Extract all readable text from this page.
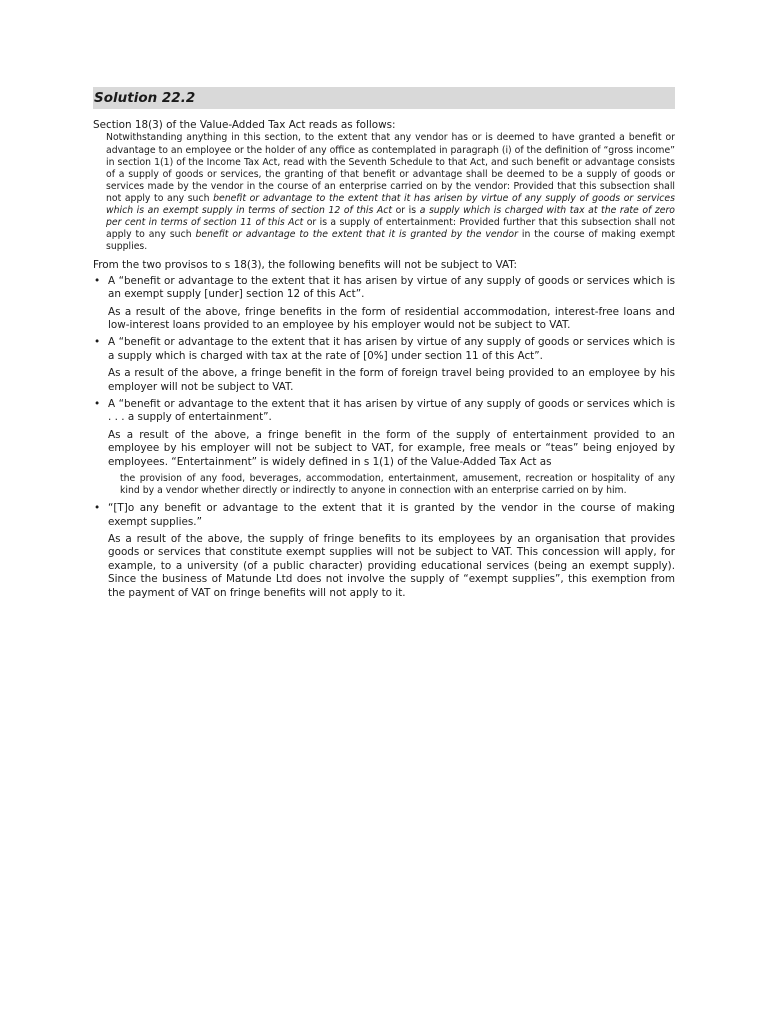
Solution 22.2

Section 18(3) of the Value-Added Tax Act reads as follows:

Notwithstanding anything in this section, to the extent that any vendor has or is deemed to have granted a benefit or advantage to an employee or the holder of any office as contemplated in paragraph (i) of the definition of “gross income” in section 1(1) of the Income Tax Act, read with the Seventh Schedule to that Act, and such benefit or advantage consists of a supply of goods or services, the granting of that benefit or advantage shall be deemed to be a supply of goods or services made by the vendor in the course of an enterprise carried on by the vendor: Provided that this subsection shall not apply to any such benefit or advantage to the extent that it has arisen by virtue of any supply of goods or services which is an exempt supply in terms of section 12 of this Act or is a supply which is charged with tax at the rate of zero per cent in terms of section 11 of this Act or is a supply of entertainment: Provided further that this subsection shall not apply to any such benefit or advantage to the extent that it is granted by the vendor in the course of making exempt supplies.

From the two provisos to s 18(3), the following benefits will not be subject to VAT:

• A “benefit or advantage to the extent that it has arisen by virtue of any supply of goods or services which is an exempt supply [under] section 12 of this Act”.

As a result of the above, fringe benefits in the form of residential accommodation, interest-free loans and low-interest loans provided to an employee by his employer would not be subject to VAT.

• A “benefit or advantage to the extent that it has arisen by virtue of any supply of goods or services which is a supply which is charged with tax at the rate of [0%] under section 11 of this Act”.

As a result of the above, a fringe benefit in the form of foreign travel being provided to an employee by his employer will not be subject to VAT.

• A “benefit or advantage to the extent that it has arisen by virtue of any supply of goods or services which is . . . a supply of entertainment”.

As a result of the above, a fringe benefit in the form of the supply of entertainment provided to an employee by his employer will not be subject to VAT, for example, free meals or “teas” being enjoyed by employees. “Entertainment” is widely defined in s 1(1) of the Value-Added Tax Act as

the provision of any food, beverages, accommodation, entertainment, amusement, recreation or hospitality of any kind by a vendor whether directly or indirectly to anyone in connection with an enterprise carried on by him.
• “[T]o any benefit or advantage to the extent that it is granted by the vendor in the course of making exempt supplies.”

As a result of the above, the supply of fringe benefits to its employees by an organisation that provides goods or services that constitute exempt supplies will not be subject to VAT. This concession will apply, for example, to a university (of a public character) providing educational services (being an exempt supply). Since the business of Matunde Ltd does not involve the supply of “exempt supplies”, this exemption from the payment of VAT on fringe benefits will not apply to it.
